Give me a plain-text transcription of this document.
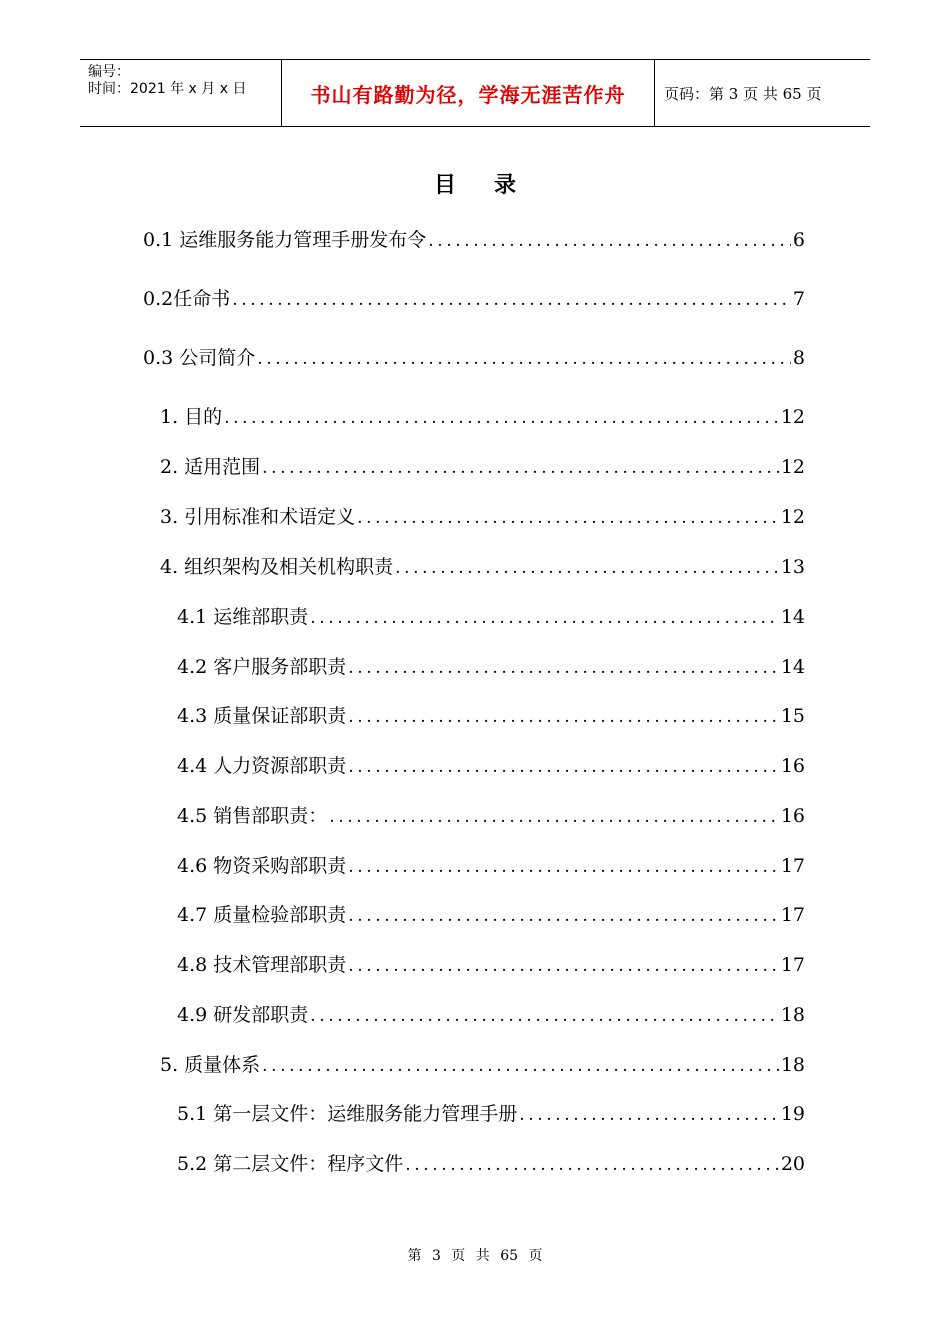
编号：
时间：2021 年 x 月 x 日	书山有路勤为径，学海无涯苦作舟	页码：第 3 页 共 65 页
目录
0.1 运维服务能力管理手册发布令 .....	6
0.2任命书 .....	7
0.3 公司简介 .....	8
1. 目的 .....	12
2. 适用范围 .....	12
3. 引用标准和术语定义 .....	12
4. 组织架构及相关机构职责 .....	13
4.1 运维部职责 .....	14
4.2 客户服务部职责 .....	14
4.3 质量保证部职责 .....	15
4.4 人力资源部职责 .....	16
4.5 销售部职责： .....	16
4.6 物资采购部职责 .....	17
4.7 质量检验部职责 .....	17
4.8 技术管理部职责 .....	17
4.9 研发部职责 .....	18
5. 质量体系 .....	18
5.1 第一层文件：运维服务能力管理手册 .....	19
5.2 第二层文件：程序文件 .....	20
第 3 页 共 65 页
